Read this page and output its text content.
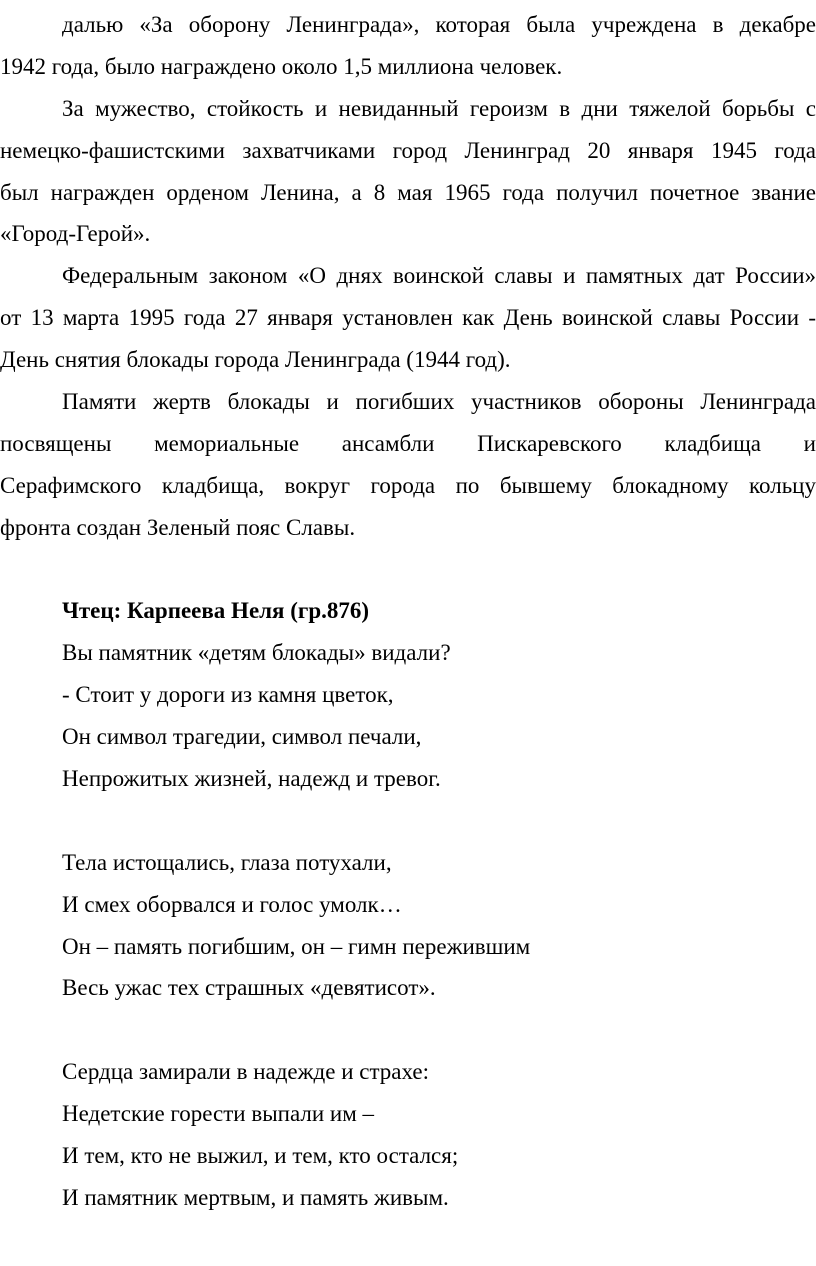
далью «За оборону Ленинграда», которая была учреждена в декабре
1942 года, было награждено около 1,5 миллиона человек.
За мужество, стойкость и невиданный героизм в дни тяжелой борьбы с
немецко-фашистскими захватчиками город Ленинград 20 января 1945 года
был награжден орденом Ленина, а 8 мая 1965 года получил почетное звание
«Город-Герой».
Федеральным законом «О днях воинской славы и памятных дат России»
от 13 марта 1995 года 27 января установлен как День воинской славы России -
День снятия блокады города Ленинграда (1944 год).
Памяти жертв блокады и погибших участников обороны Ленинграда
посвящены мемориальные ансамбли Пискаревского кладбища и
Серафимского кладбища, вокруг города по бывшему блокадному кольцу
фронта создан Зеленый пояс Славы.
Чтец: Карпеева Неля (гр.876)
Вы памятник «детям блокады» видали?
- Стоит у дороги из камня цветок,
Он символ трагедии, символ печали,
Непрожитых жизней, надежд и тревог.
Тела истощались, глаза потухали,
И смех оборвался и голос умолк…
Он – память погибшим, он – гимн пережившим
Весь ужас тех страшных «девятисот».
Сердца замирали в надежде и страхе:
Недетские горести выпали им –
И тем, кто не выжил, и тем, кто остался;
И памятник мертвым, и память живым.
